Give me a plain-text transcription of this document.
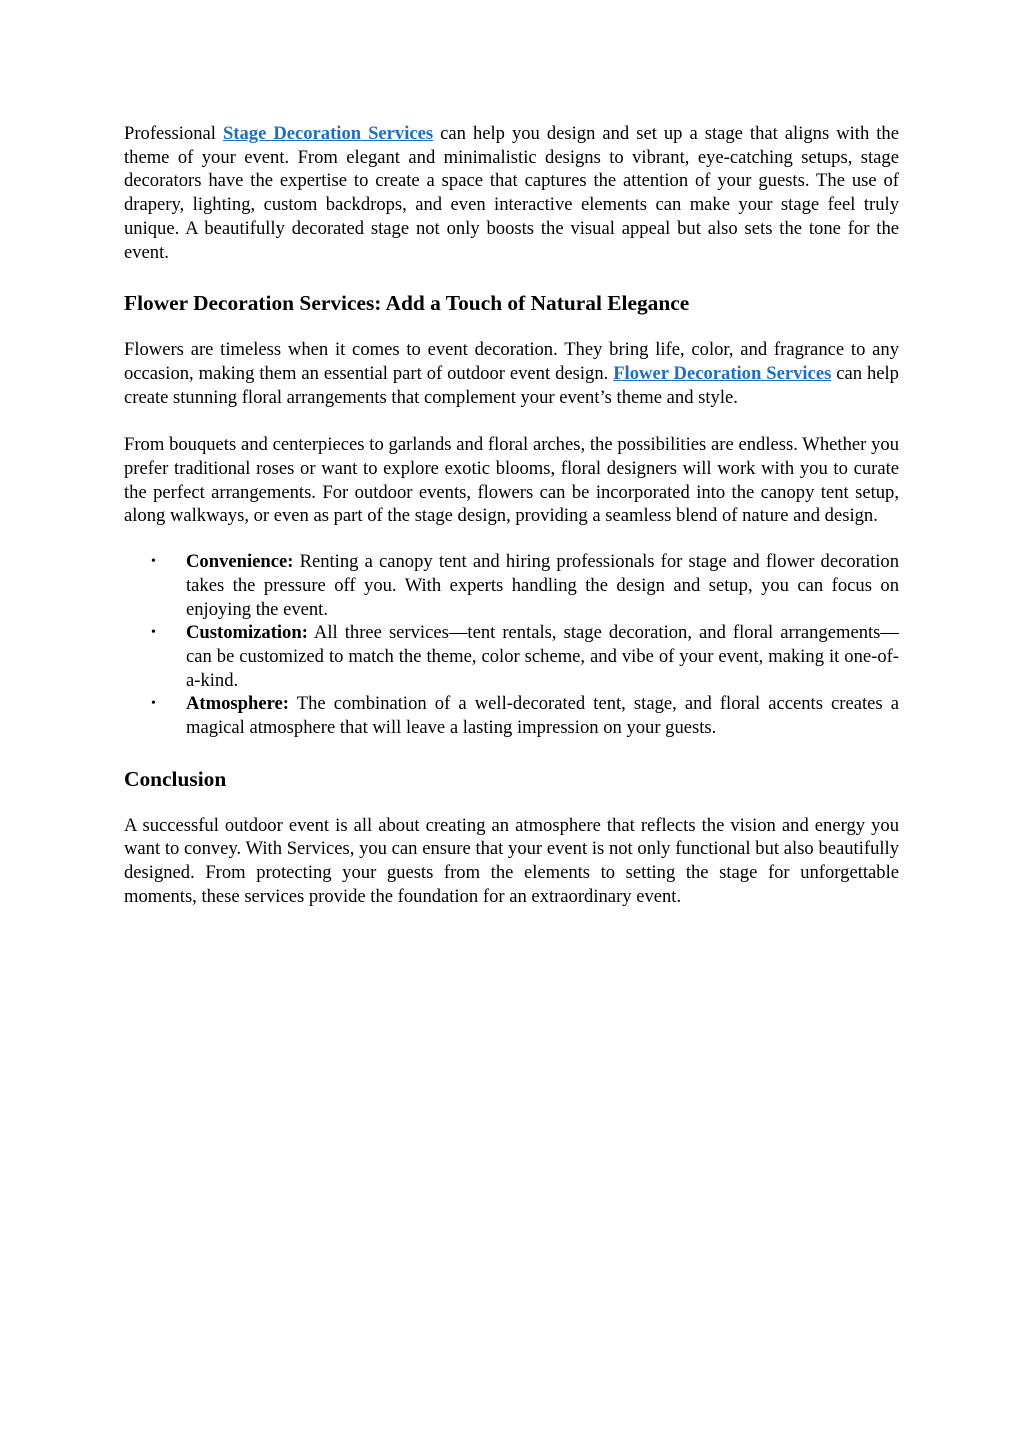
Professional Stage Decoration Services can help you design and set up a stage that aligns with the theme of your event. From elegant and minimalistic designs to vibrant, eye-catching setups, stage decorators have the expertise to create a space that captures the attention of your guests. The use of drapery, lighting, custom backdrops, and even interactive elements can make your stage feel truly unique. A beautifully decorated stage not only boosts the visual appeal but also sets the tone for the event.

Flower Decoration Services: Add a Touch of Natural Elegance

Flowers are timeless when it comes to event decoration. They bring life, color, and fragrance to any occasion, making them an essential part of outdoor event design. Flower Decoration Services can help create stunning floral arrangements that complement your event’s theme and style.

From bouquets and centerpieces to garlands and floral arches, the possibilities are endless. Whether you prefer traditional roses or want to explore exotic blooms, floral designers will work with you to curate the perfect arrangements. For outdoor events, flowers can be incorporated into the canopy tent setup, along walkways, or even as part of the stage design, providing a seamless blend of nature and design.

• Convenience: Renting a canopy tent and hiring professionals for stage and flower decoration takes the pressure off you. With experts handling the design and setup, you can focus on enjoying the event.
• Customization: All three services—tent rentals, stage decoration, and floral arrangements—can be customized to match the theme, color scheme, and vibe of your event, making it one-of-a-kind.
• Atmosphere: The combination of a well-decorated tent, stage, and floral accents creates a magical atmosphere that will leave a lasting impression on your guests.
Conclusion

A successful outdoor event is all about creating an atmosphere that reflects the vision and energy you want to convey. With Services, you can ensure that your event is not only functional but also beautifully designed. From protecting your guests from the elements to setting the stage for unforgettable moments, these services provide the foundation for an extraordinary event.
